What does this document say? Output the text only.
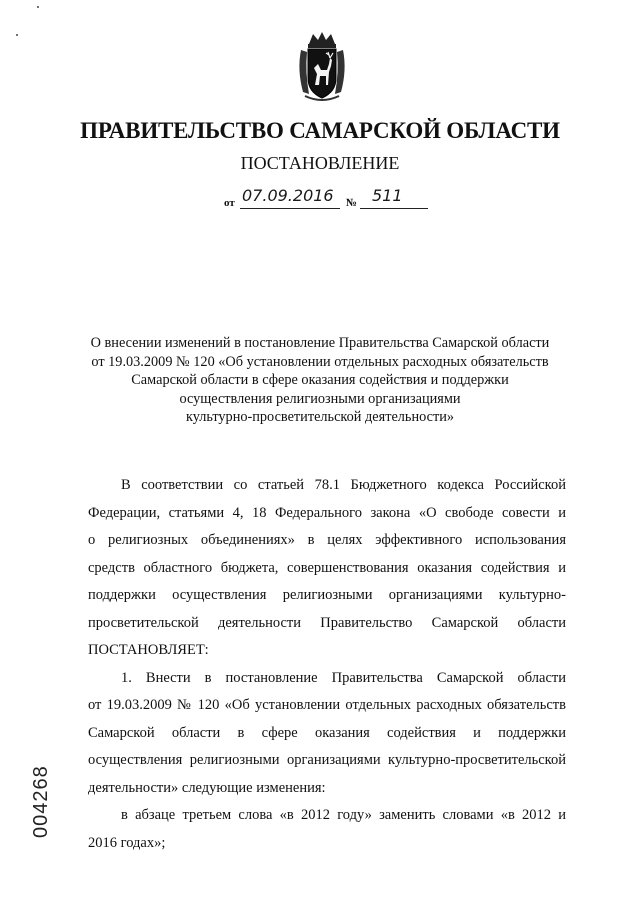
ПРАВИТЕЛЬСТВО САМАРСКОЙ ОБЛАСТИ
ПОСТАНОВЛЕНИЕ
от 07.09.2016 № 511
О внесении изменений в постановление Правительства Самарской области
от 19.03.2009 № 120 «Об установлении отдельных расходных обязательств
Самарской области в сфере оказания содействия и поддержки
осуществления религиозными организациями
культурно-просветительской деятельности»
В соответствии со статьей 78.1 Бюджетного кодекса Российской
Федерации, статьями 4, 18 Федерального закона «О свободе совести и
о религиозных объединениях» в целях эффективного использования
средств областного бюджета, совершенствования оказания содействия и
поддержки осуществления религиозными организациями культурно-
просветительской деятельности Правительство Самарской области
ПОСТАНОВЛЯЕТ:
1. Внести в постановление Правительства Самарской области
от 19.03.2009 № 120 «Об установлении отдельных расходных обязательств
Самарской области в сфере оказания содействия и поддержки
осуществления религиозными организациями культурно-просветительской
деятельности» следующие изменения:
в абзаце третьем слова «в 2012 году» заменить словами «в 2012 и
2016 годах»;
004268
